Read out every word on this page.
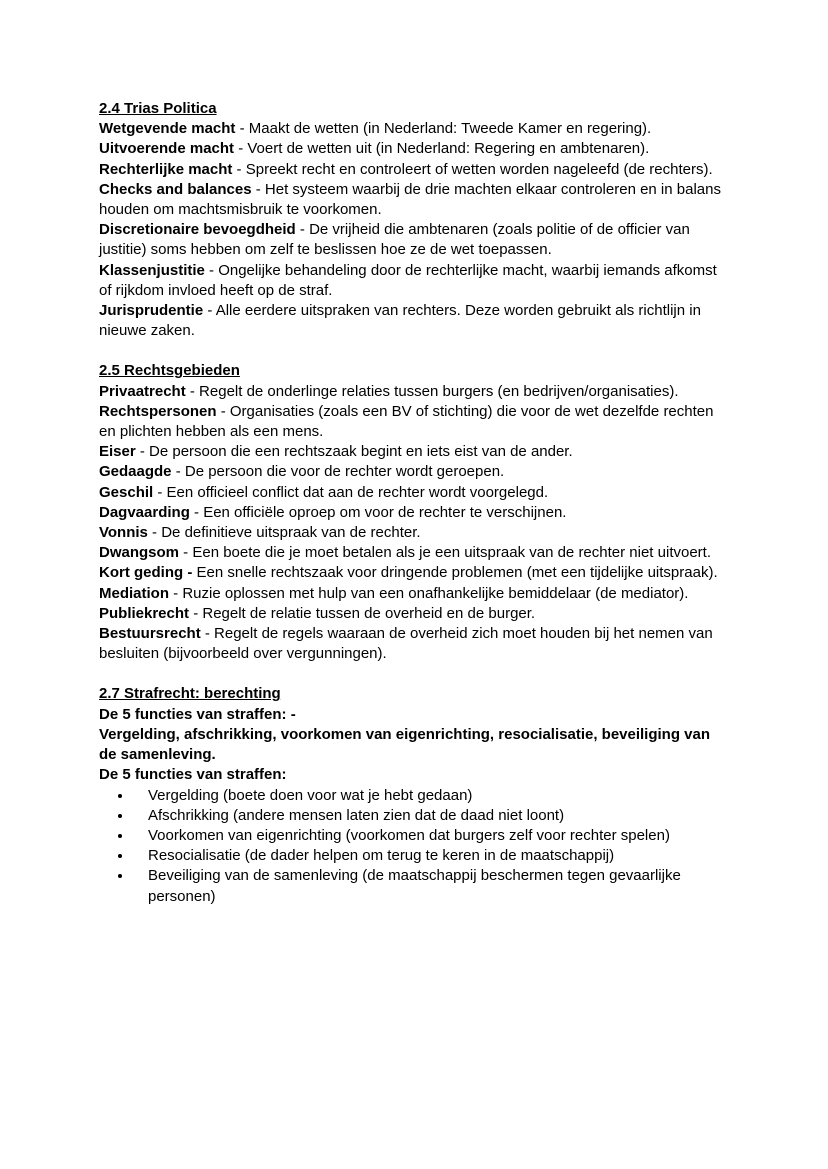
2.4 Trias Politica

Wetgevende macht - Maakt de wetten (in Nederland: Tweede Kamer en regering).

Uitvoerende macht - Voert de wetten uit (in Nederland: Regering en ambtenaren).

Rechterlijke macht - Spreekt recht en controleert of wetten worden nageleefd (de rechters).

Checks and balances - Het systeem waarbij de drie machten elkaar controleren en in balans houden om machtsmisbruik te voorkomen.

Discretionaire bevoegdheid - De vrijheid die ambtenaren (zoals politie of de officier van justitie) soms hebben om zelf te beslissen hoe ze de wet toepassen.

Klassenjustitie - Ongelijke behandeling door de rechterlijke macht, waarbij iemands afkomst of rijkdom invloed heeft op de straf.

Jurisprudentie - Alle eerdere uitspraken van rechters. Deze worden gebruikt als richtlijn in nieuwe zaken.

2.5 Rechtsgebieden

Privaatrecht - Regelt de onderlinge relaties tussen burgers (en bedrijven/organisaties).

Rechtspersonen - Organisaties (zoals een BV of stichting) die voor de wet dezelfde rechten en plichten hebben als een mens.

Eiser - De persoon die een rechtszaak begint en iets eist van de ander.

Gedaagde - De persoon die voor de rechter wordt geroepen.

Geschil - Een officieel conflict dat aan de rechter wordt voorgelegd.

Dagvaarding - Een officiële oproep om voor de rechter te verschijnen.

Vonnis - De definitieve uitspraak van de rechter.

Dwangsom - Een boete die je moet betalen als je een uitspraak van de rechter niet uitvoert.

Kort geding - Een snelle rechtszaak voor dringende problemen (met een tijdelijke uitspraak).

Mediation - Ruzie oplossen met hulp van een onafhankelijke bemiddelaar (de mediator).

Publiekrecht - Regelt de relatie tussen de overheid en de burger.

Bestuursrecht - Regelt de regels waaraan de overheid zich moet houden bij het nemen van besluiten (bijvoorbeeld over vergunningen).

2.7 Strafrecht: berechting

De 5 functies van straffen: -

Vergelding, afschrikking, voorkomen van eigenrichting, resocialisatie, beveiliging van de samenleving.

De 5 functies van straffen:

• Vergelding (boete doen voor wat je hebt gedaan)
• Afschrikking (andere mensen laten zien dat de daad niet loont)
• Voorkomen van eigenrichting (voorkomen dat burgers zelf voor rechter spelen)
• Resocialisatie (de dader helpen om terug te keren in de maatschappij)
• Beveiliging van de samenleving (de maatschappij beschermen tegen gevaarlijke personen)
